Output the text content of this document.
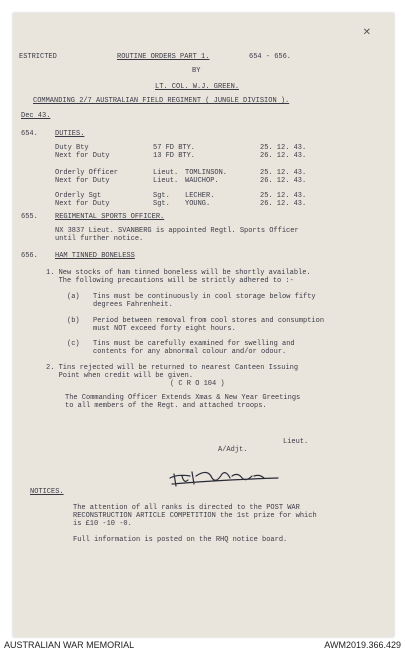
✕
ESTRICTED	ROUTINE ORDERS PART 1.	654 - 656.
BY
LT. COL. W.J. GREEN.
COMMANDING 2/7 AUSTRALIAN FIELD REGIMENT ( JUNGLE DIVISION ).
Dec 43.
654. DUTIES.
Duty Bty	57 FD BTY.	25. 12. 43.
Next for Duty	13 FD BTY.	26. 12. 43.
Orderly Officer	Lieut. TOMLINSON.	25. 12. 43.
Next for Duty	Lieut. WAUCHOP.	26. 12. 43.
Orderly Sgt	Sgt. LECHER.	25. 12. 43.
Next for Duty	Sgt. YOUNG.	26. 12. 43.
655. REGIMENTAL SPORTS OFFICER.
NX 3837 Lieut. SVANBERG is appointed Regtl. Sports Officer
until further notice.
656. HAM TINNED BONELESS
1. New stocks of ham tinned boneless will be shortly available.
The following precautions will be strictly adhered to :-
(a) Tins must be continuously in cool storage below fifty
degrees Fahrenheit.
(b) Period between removal from cool stores and consumption
must NOT exceed forty eight hours.
(c) Tins must be carefully examined for swelling and
contents for any abnormal colour and/or odour.
2. Tins rejected will be returned to nearest Canteen Issuing
Point when credit will be given.
( C R O 104 )
The Commanding Officer Extends Xmas & New Year Greetings
to all members of the Regt. and attached troops.
Lieut.
A/Adjt.
NOTICES.
The attention of all ranks is directed to the POST WAR
RECONSTRUCTION ARTICLE COMPETITION the 1st prize for which
is £10 -10 -0.
Full information is posted on the RHQ notice board.
AUSTRALIAN WAR MEMORIAL	AWM2019.366.429
